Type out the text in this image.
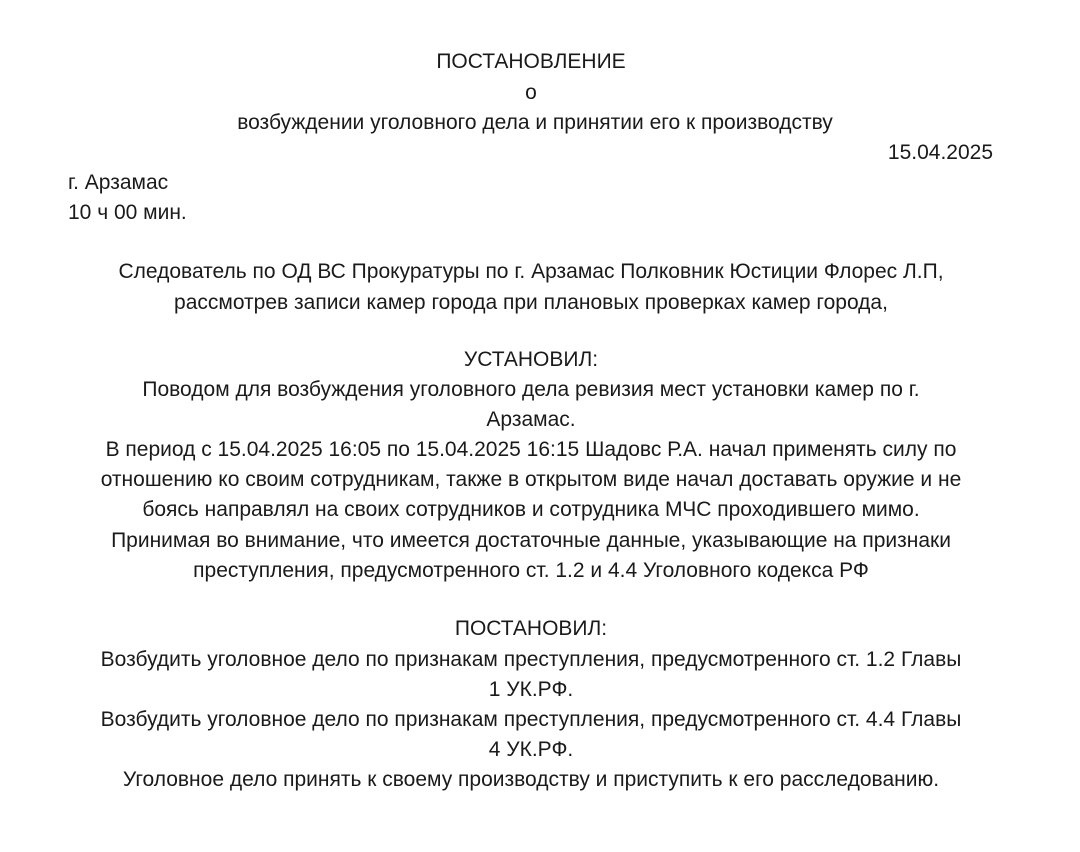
ПОСТАНОВЛЕНИЕ
о
возбуждении уголовного дела и принятии его к производству
15.04.2025
г. Арзамас
10 ч 00 мин.
Следователь по ОД ВС Прокуратуры по г. Арзамас Полковник Юстиции Флорес Л.П,
рассмотрев записи камер города при плановых проверках камер города,
УСТАНОВИЛ:
Поводом для возбуждения уголовного дела ревизия мест установки камер по г.
Арзамас.
В период с 15.04.2025 16:05 по 15.04.2025 16:15 Шадовс Р.А. начал применять силу по
отношению ко своим сотрудникам, также в открытом виде начал доставать оружие и не
боясь направлял на своих сотрудников и сотрудника МЧС проходившего мимо.
Принимая во внимание, что имеется достаточные данные, указывающие на признаки
преступления, предусмотренного ст. 1.2 и 4.4 Уголовного кодекса РФ
ПОСТАНОВИЛ:
Возбудить уголовное дело по признакам преступления, предусмотренного ст. 1.2 Главы
1 УК.РФ.
Возбудить уголовное дело по признакам преступления, предусмотренного ст. 4.4 Главы
4 УК.РФ.
Уголовное дело принять к своему производству и приступить к его расследованию.
